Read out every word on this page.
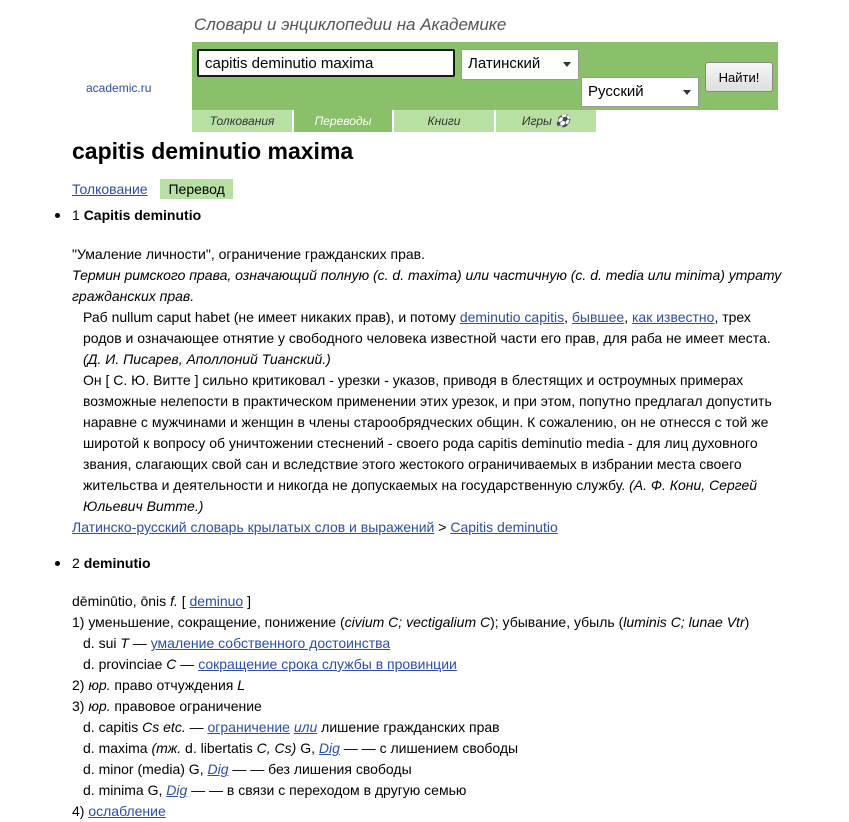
Словари и энциклопедии на Академике
academic.ru
capitis deminutio maxima
Латинский
Русский
Найти!
Толкования	Переводы	Книги	Игры ⚽
capitis deminutio maxima
Толкование Перевод
1 Capitis deminutio

"Умаление личности", ограничение гражданских прав.

Термин римского права, означающий полную (c. d. maxima) или частичную (c. d. media или minima) утрату гражданских прав.

Раб nullum caput habet (не имеет никаких прав), и потому deminutio capitis, бывшее, как известно, трех родов и означающее отнятие у свободного человека известной части его прав, для раба не имеет места.
(Д. И. Писарев, Аполлоний Тианский.)

Он [ С. Ю. Витте ] сильно критиковал - урезки - указов, приводя в блестящих и остроумных примерах возможные нелепости в практическом применении этих урезок, и при этом, попутно предлагал допустить наравне с мужчинами и женщин в члены старообрядческих общин. К сожалению, он не отнесся с той же широтой к вопросу об уничтожении стеснений - своего рода capitis deminutio media - для лиц духовного звания, слагающих свой сан и вследствие этого жестокого ограничиваемых в избрании места своего жительства и деятельности и никогда не допускаемых на государственную службу. (А. Ф. Кони, Сергей Юльевич Витте.)

Латинско-русский словарь крылатых слов и выражений > Capitis deminutio

2 deminutio

dēminūtio, ōnis f. [ deminuo ]

1) уменьшение, сокращение, понижение (civium C; vectigalium C); убывание, убыль (luminis C; lunae Vtr)

d. sui T — умаление собственного достоинства

d. provinciae C — сокращение срока службы в провинции

2) юр. право отчуждения L

3) юр. правовое ограничение

d. capitis Cs etc. — ограничение или лишение гражданских прав

d. maxima (тж. d. libertatis C, Cs) G, Dig — — с лишением свободы

d. minor (media) G, Dig — — без лишения свободы

d. minima G, Dig — — в связи с переходом в другую семью

4) ослабление
